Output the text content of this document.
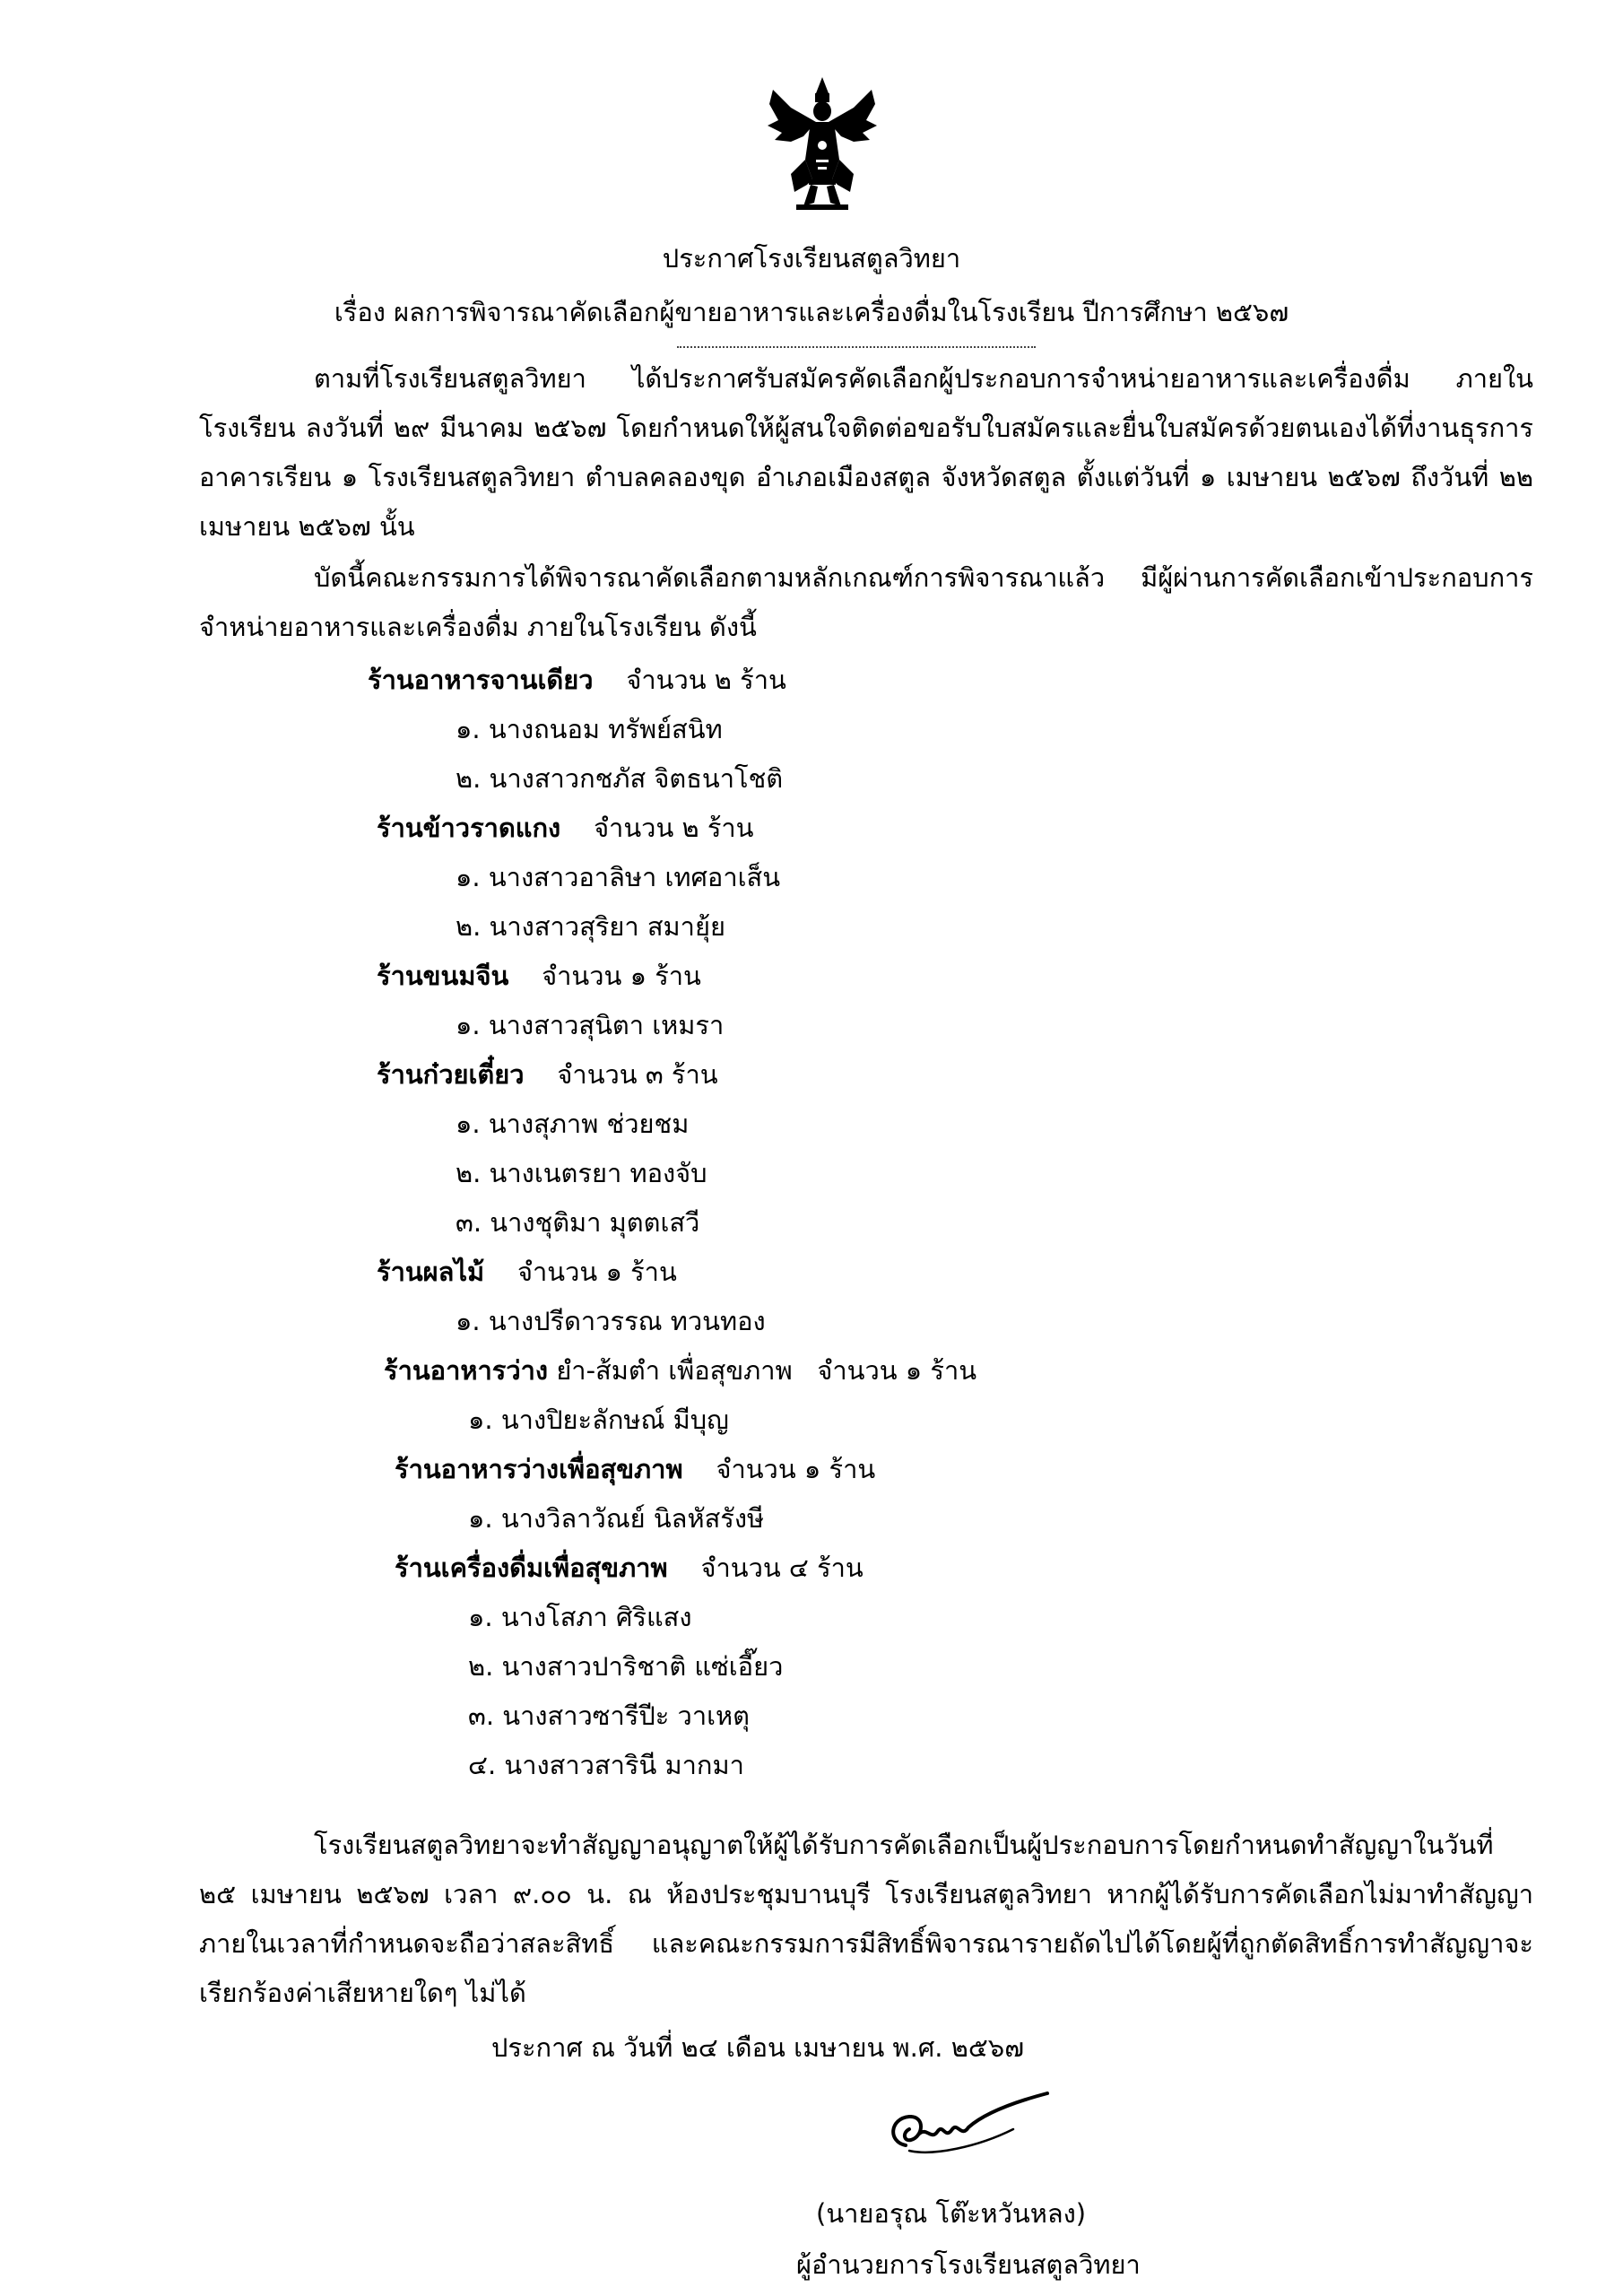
ประกาศโรงเรียนสตูลวิทยา
เรื่อง ผลการพิจารณาคัดเลือกผู้ขายอาหารและเครื่องดื่มในโรงเรียน ปีการศึกษา ๒๕๖๗
ตามที่โรงเรียนสตูลวิทยา ได้ประกาศรับสมัครคัดเลือกผู้ประกอบการจำหน่ายอาหารและเครื่องดื่ม ภายในโรงเรียน ลงวันที่ ๒๙ มีนาคม ๒๕๖๗ โดยกำหนดให้ผู้สนใจติดต่อขอรับใบสมัครและยื่นใบสมัครด้วยตนเองได้ที่งานธุรการ อาคารเรียน ๑ โรงเรียนสตูลวิทยา ตำบลคลองขุด อำเภอเมืองสตูล จังหวัดสตูล ตั้งแต่วันที่ ๑ เมษายน ๒๕๖๗ ถึงวันที่ ๒๒ เมษายน ๒๕๖๗ นั้น
บัดนี้คณะกรรมการได้พิจารณาคัดเลือกตามหลักเกณฑ์การพิจารณาแล้ว มีผู้ผ่านการคัดเลือกเข้าประกอบการจำหน่ายอาหารและเครื่องดื่ม ภายในโรงเรียน ดังนี้
ร้านอาหารจานเดียว จำนวน ๒ ร้าน
๑. นางถนอม ทรัพย์สนิท
๒. นางสาวกชภัส จิตธนาโชติ
ร้านข้าวราดแกง จำนวน ๒ ร้าน
๑. นางสาวอาลิษา เทศอาเส็น
๒. นางสาวสุริยา สมายุ้ย
ร้านขนมจีน จำนวน ๑ ร้าน
๑. นางสาวสุนิตา เหมรา
ร้านก๋วยเตี๋ยว จำนวน ๓ ร้าน
๑. นางสุภาพ ช่วยชม
๒. นางเนตรยา ทองจับ
๓. นางชุติมา มุตตเสวี
ร้านผลไม้ จำนวน ๑ ร้าน
๑. นางปรีดาวรรณ ทวนทอง
ร้านอาหารว่าง ยำ-ส้มตำ เพื่อสุขภาพ จำนวน ๑ ร้าน
๑. นางปิยะลักษณ์ มีบุญ
ร้านอาหารว่างเพื่อสุขภาพ จำนวน ๑ ร้าน
๑. นางวิลาวัณย์ นิลหัสรังษี
ร้านเครื่องดื่มเพื่อสุขภาพ จำนวน ๔ ร้าน
๑. นางโสภา ศิริแสง
๒. นางสาวปาริชาติ แซ่เอี๊ยว
๓. นางสาวซารีปีะ วาเหตุ
๔. นางสาวสารินี มากมา
โรงเรียนสตูลวิทยาจะทำสัญญาอนุญาตให้ผู้ได้รับการคัดเลือกเป็นผู้ประกอบการโดยกำหนดทำสัญญาในวันที่ ๒๕ เมษายน ๒๕๖๗ เวลา ๙.๐๐ น. ณ ห้องประชุมบานบุรี โรงเรียนสตูลวิทยา หากผู้ได้รับการคัดเลือกไม่มาทำสัญญาภายในเวลาที่กำหนดจะถือว่าสละสิทธิ์ และคณะกรรมการมีสิทธิ์พิจารณารายถัดไปได้โดยผู้ที่ถูกตัดสิทธิ์การทำสัญญาจะเรียกร้องค่าเสียหายใดๆ ไม่ได้
ประกาศ ณ วันที่ ๒๔ เดือน เมษายน พ.ศ. ๒๕๖๗
(นายอรุณ โต๊ะหวันหลง)
ผู้อำนวยการโรงเรียนสตูลวิทยา
